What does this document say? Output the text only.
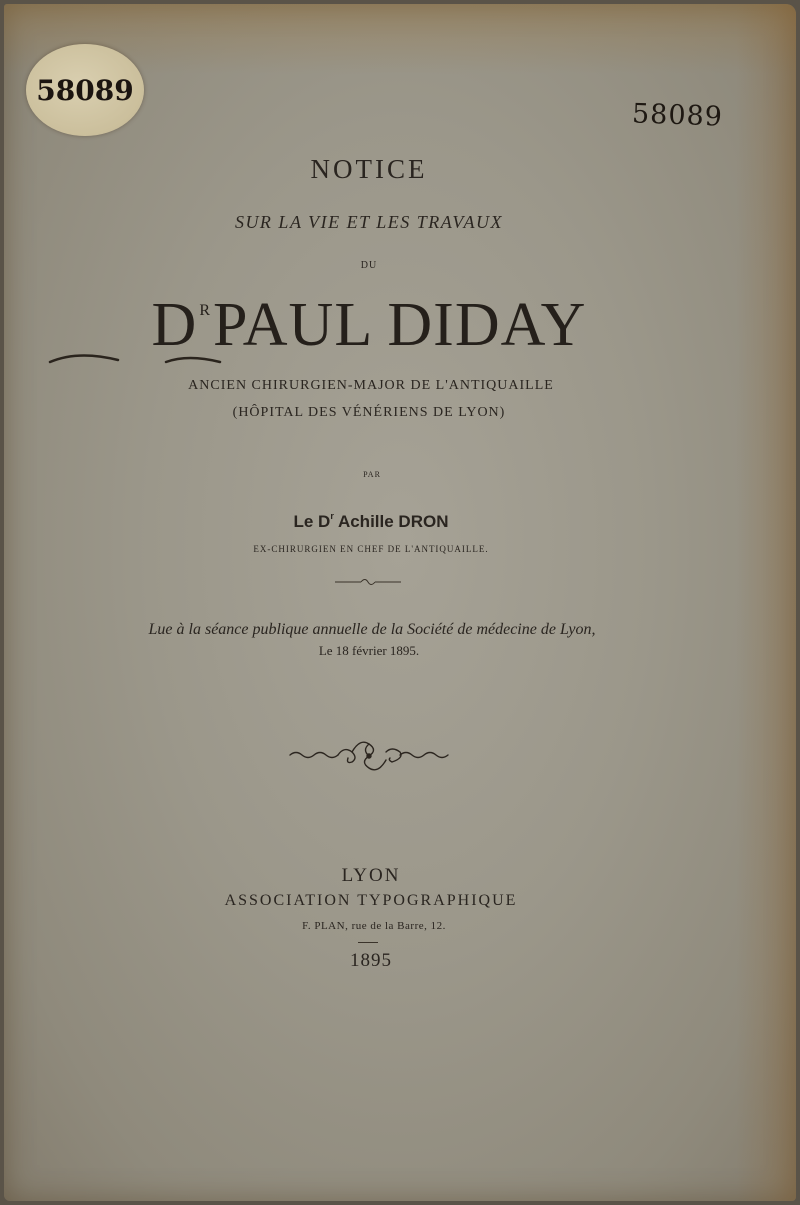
58089
58089
NOTICE
SUR LA VIE ET LES TRAVAUX
DU
D $^R$PAUL DIDAY
ANCIEN CHIRURGIEN-MAJOR DE L'ANTIQUAILLE
(HÔPITAL DES VÉNÉRIENS DE LYON)
PAR
Le $D^r$ Achille DRON
EX-CHIRURGIEN EN CHEF DE L'ANTIQUAILLE.
Lue à la séance publique annuelle de la Société de médecine de Lyon,
Le 18 février 1895.
LYON
ASSOCIATION TYPOGRAPHIQUE
F. PLAN, rue de la Barre, 12.
1895
